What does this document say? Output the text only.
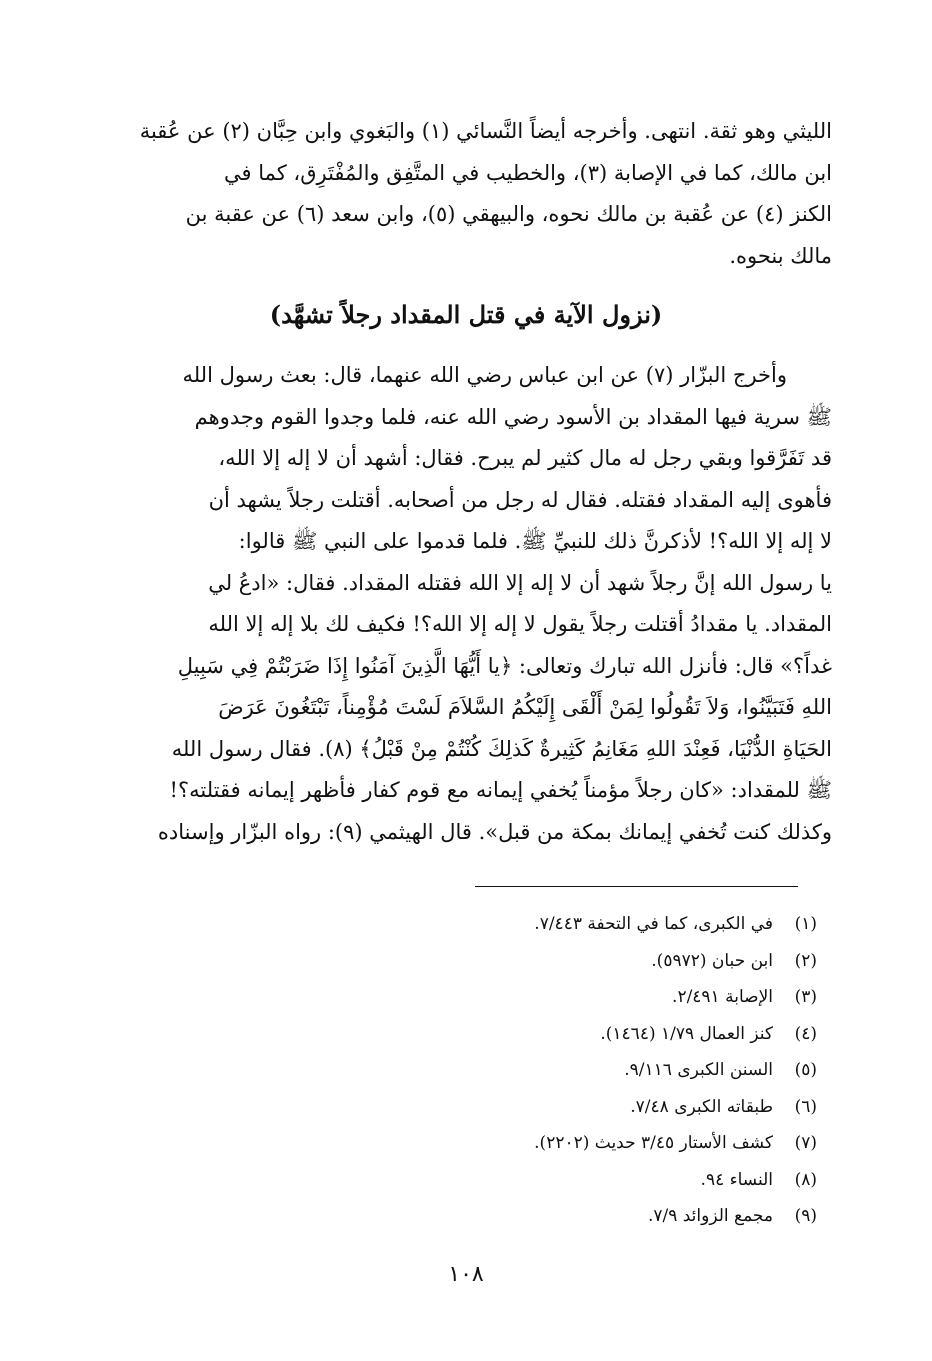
الليثي وهو ثقة. انتهى. وأخرجه أيضاً النَّسائي (١) والبَغوي وابن حِبَّان (٢) عن عُقبة
ابن مالك، كما في الإصابة (٣)، والخطيب في المتَّفِق والمُفْتَرِق، كما في
الكنز (٤) عن عُقبة بن مالك نحوه، والبيهقي (٥)، وابن سعد (٦) عن عقبة بن
مالك بنحوه.
(نزول الآية في قتل المقداد رجلاً تشهَّد)
وأخرج البزّار (٧) عن ابن عباس رضي الله عنهما، قال: بعث رسول الله
ﷺ سرية فيها المقداد بن الأسود رضي الله عنه، فلما وجدوا القوم وجدوهم
قد تَفَرَّقوا وبقي رجل له مال كثير لم يبرح. فقال: أشهد أن لا إله إلا الله،
فأهوى إليه المقداد فقتله. فقال له رجل من أصحابه. أقتلت رجلاً يشهد أن
لا إله إلا الله؟! لأذكرنَّ ذلك للنبيِّ ﷺ. فلما قدموا على النبي ﷺ قالوا:
يا رسول الله إنَّ رجلاً شهد أن لا إله إلا الله فقتله المقداد. فقال: «ادعُ لي
المقداد. يا مقدادُ أقتلت رجلاً يقول لا إله إلا الله؟! فكيف لك بلا إله إلا الله
غداً؟» قال: فأنزل الله تبارك وتعالى: ﴿يا أَيُّهَا الَّذِينَ آمَنُوا إِذَا ضَرَبْتُمْ فِي سَبِيلِ
اللهِ فَتَبَيَّنُوا، وَلاَ تَقُولُوا لِمَنْ أَلْقَى إِلَيْكُمُ السَّلاَمَ لَسْتَ مُؤْمِناً، تَبْتَغُونَ عَرَضَ
الحَيَاةِ الدُّنْيَا، فَعِنْدَ اللهِ مَغَانِمُ كَثِيرةٌ كَذلِكَ كُنْتُمْ مِنْ قَبْلُ﴾ (٨). فقال رسول الله
ﷺ للمقداد: «كان رجلاً مؤمناً يُخفي إيمانه مع قوم كفار فأظهر إيمانه فقتلته؟!
وكذلك كنت تُخفي إيمانك بمكة من قبل». قال الهيثمي (٩): رواه البزّار وإسناده
(١)
في الكبرى، كما في التحفة ٧/٤٤٣.
(٢)
ابن حبان (٥٩٧٢).
(٣)
الإصابة ٢/٤٩١.
(٤)
كنز العمال ١/٧٩ (١٤٦٤).
(٥)
السنن الكبرى ٩/١١٦.
(٦)
طبقاته الكبرى ٧/٤٨.
(٧)
كشف الأستار ٣/٤٥ حديث (٢٢٠٢).
(٨)
النساء ٩٤.
(٩)
مجمع الزوائد ٧/٩.
١٠٨
